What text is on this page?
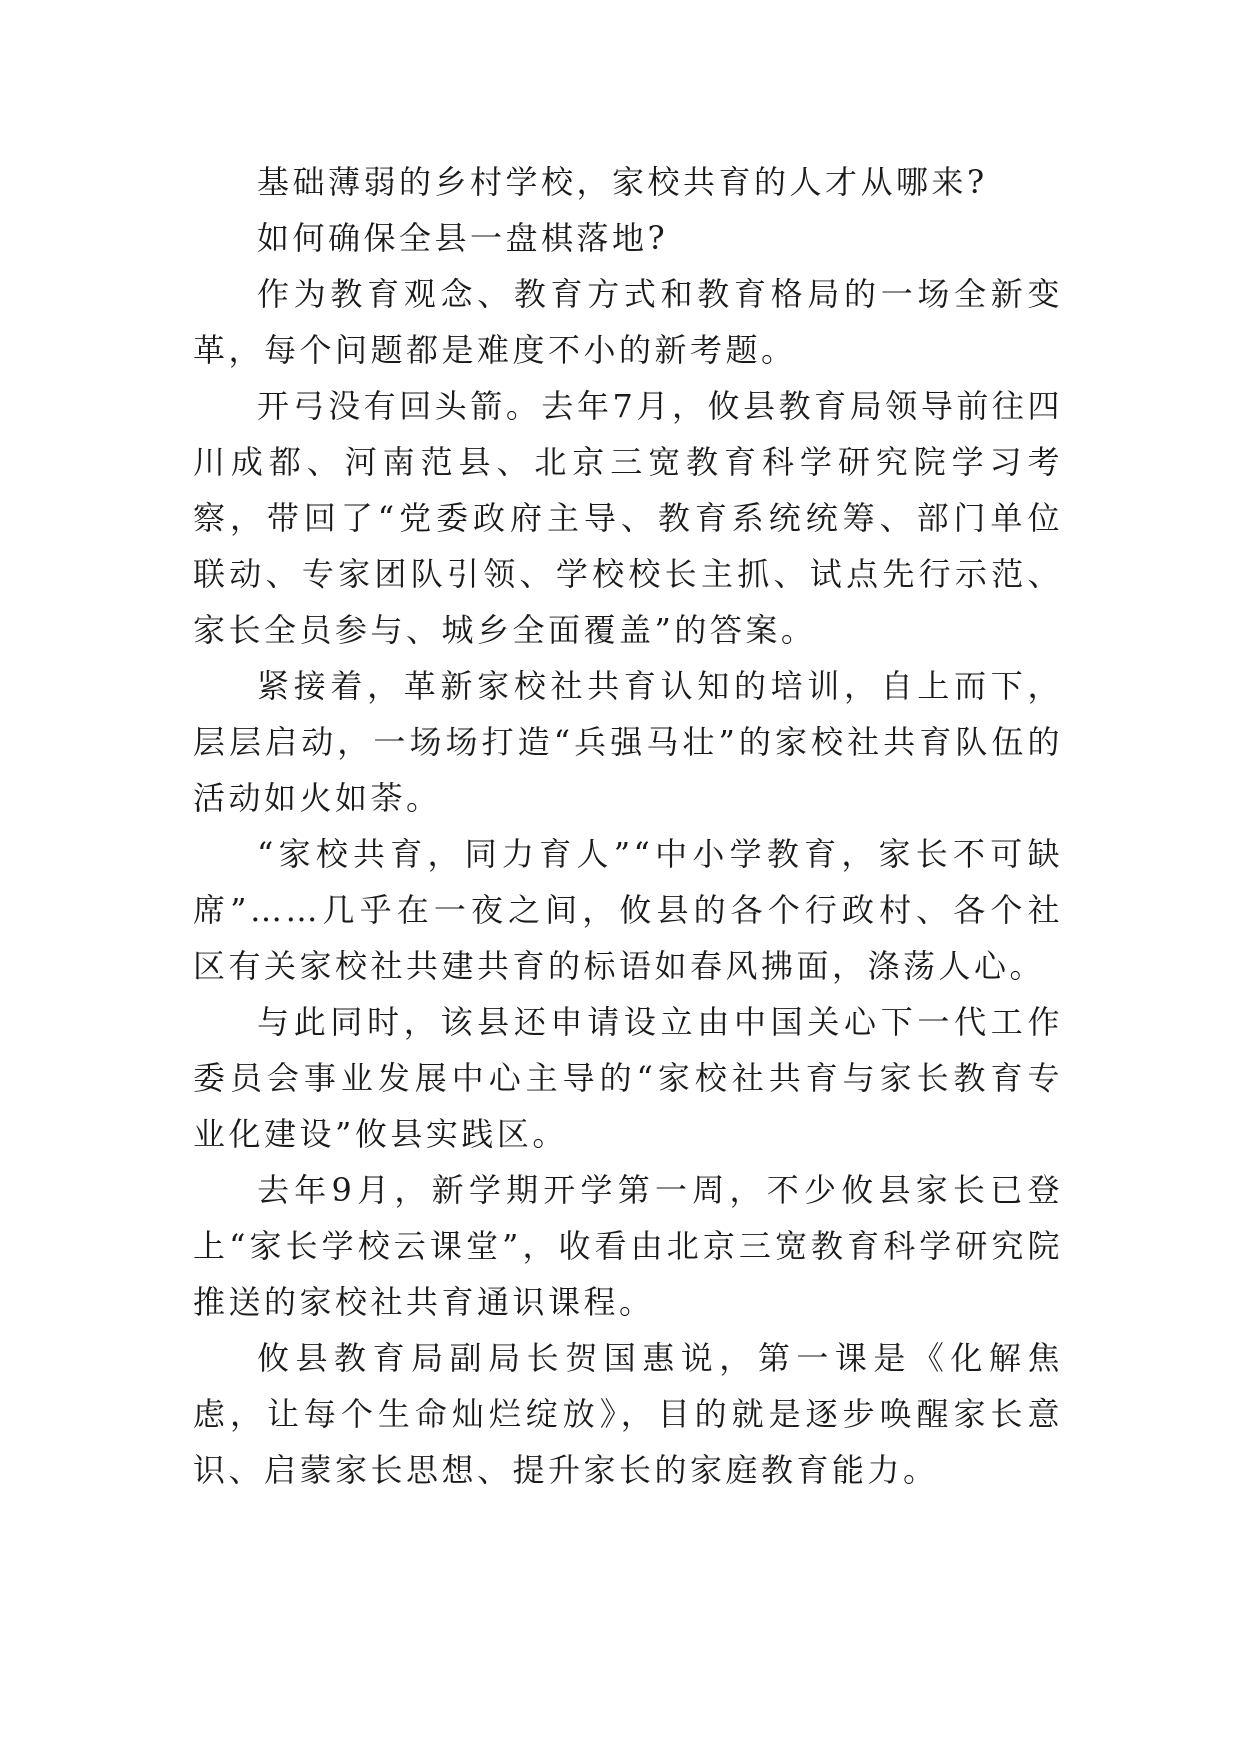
基础薄弱的乡村学校，家校共育的人才从哪来?

如何确保全县一盘棋落地?

作为教育观念、教育方式和教育格局的一场全新变革，每个问题都是难度不小的新考题。

开弓没有回头箭。去年7月，攸县教育局领导前往四川成都、河南范县、北京三宽教育科学研究院学习考察，带回了“党委政府主导、教育系统统筹、部门单位联动、专家团队引领、学校校长主抓、试点先行示范、家长全员参与、城乡全面覆盖”的答案。

紧接着，革新家校社共育认知的培训，自上而下，层层启动，一场场打造“兵强马壮”的家校社共育队伍的活动如火如荼。

“家校共育，同力育人”“中小学教育，家长不可缺席”……几乎在一夜之间，攸县的各个行政村、各个社区有关家校社共建共育的标语如春风拂面，涤荡人心。

与此同时，该县还申请设立由中国关心下一代工作委员会事业发展中心主导的“家校社共育与家长教育专业化建设”攸县实践区。

去年9月，新学期开学第一周，不少攸县家长已登上“家长学校云课堂”，收看由北京三宽教育科学研究院推送的家校社共育通识课程。

攸县教育局副局长贺国惠说，第一课是《化解焦虑，让每个生命灿烂绽放》，目的就是逐步唤醒家长意识、启蒙家长思想、提升家长的家庭教育能力。
